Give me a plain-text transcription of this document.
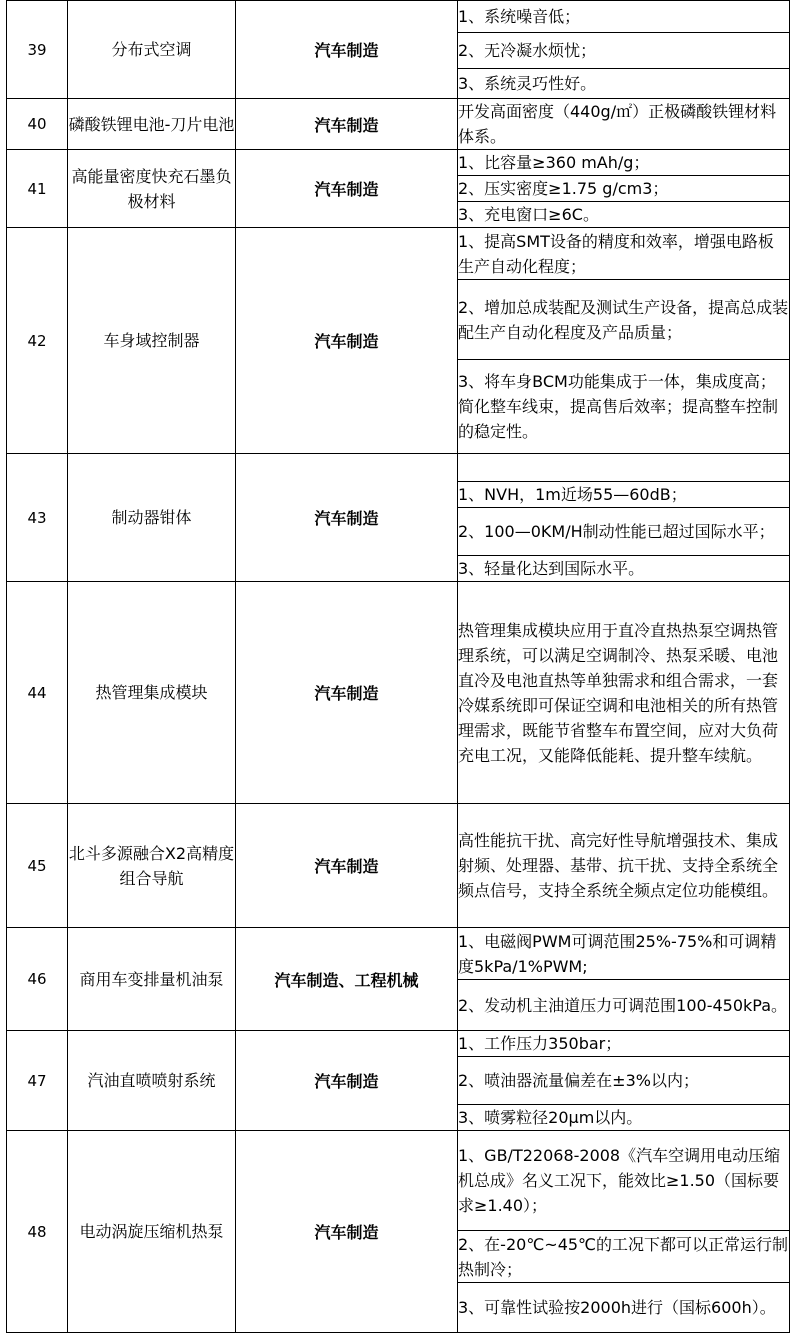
39	分布式空调	汽车制造	1、系统噪音低；

			2、无冷凝水烦忧；

			3、系统灵巧性好。

40	磷酸铁锂电池-刀片电池	汽车制造	开发高面密度（440g/㎡）正极磷酸铁锂材料体系。

41	高能量密度快充石墨负极材料	汽车制造	1、比容量≥360 mAh/g；

			2、压实密度≥1.75 g/cm3；

			3、充电窗口≥6C。

42	车身域控制器	汽车制造	1、提高SMT设备的精度和效率，增强电路板生产自动化程度；

			2、增加总成装配及测试生产设备，提高总成装配生产自动化程度及产品质量；

			3、将车身BCM功能集成于一体，集成度高；简化整车线束，提高售后效率；提高整车控制的稳定性。

43	制动器钳体	汽车制造	

			1、NVH，1m近场55—60dB；

			2、100—0KM/H制动性能已超过国际水平；

			3、轻量化达到国际水平。

44	热管理集成模块	汽车制造	热管理集成模块应用于直冷直热热泵空调热管理系统，可以满足空调制冷、热泵采暖、电池直冷及电池直热等单独需求和组合需求，一套冷媒系统即可保证空调和电池相关的所有热管理需求，既能节省整车布置空间，应对大负荷充电工况，又能降低能耗、提升整车续航。

45	北斗多源融合X2高精度组合导航	汽车制造	高性能抗干扰、高完好性导航增强技术、集成射频、处理器、基带、抗干扰、支持全系统全频点信号，支持全系统全频点定位功能模组。

46	商用车变排量机油泵	汽车制造、工程机械	1、电磁阀PWM可调范围25%-75%和可调精度5kPa/1%PWM;

			2、发动机主油道压力可调范围100-450kPa。

47	汽油直喷喷射系统	汽车制造	1、工作压力350bar；

			2、喷油器流量偏差在±3%以内；

			3、喷雾粒径20μm以内。

48	电动涡旋压缩机热泵	汽车制造	1、GB/T22068-2008《汽车空调用电动压缩机总成》名义工况下，能效比≥1.50（国标要求≥1.40）；

			2、在-20℃~45℃的工况下都可以正常运行制热制冷；

			3、可靠性试验按2000h进行（国标600h）。
